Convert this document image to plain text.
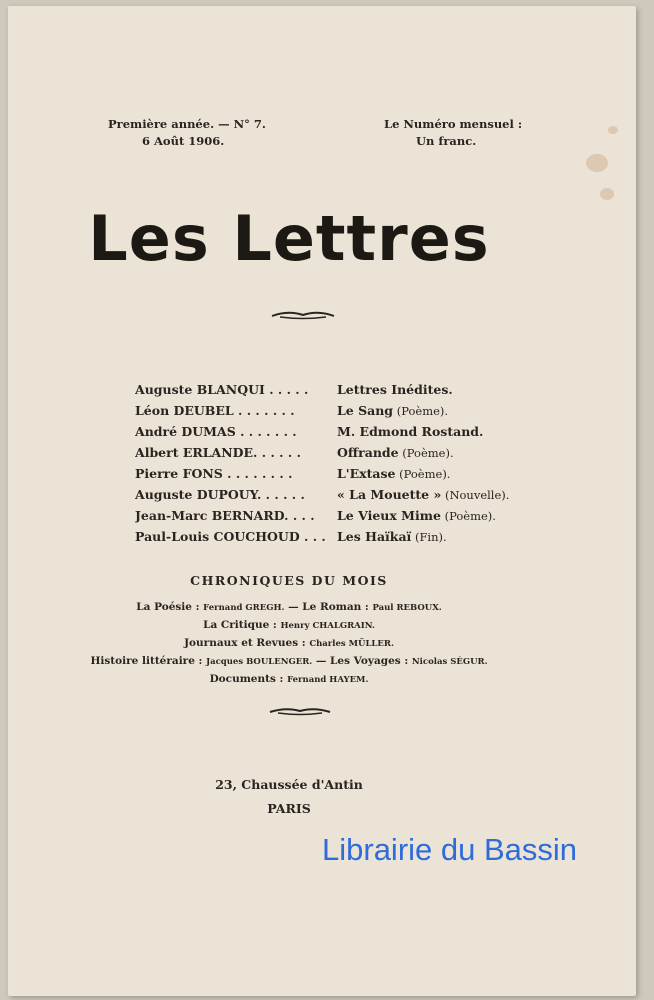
Première année. — N° 7.
6 Août 1906.
Le Numéro mensuel :
Un franc.
Les Lettres
Auguste BLANQUI . . . . .	Lettres Inédites.
Léon DEUBEL . . . . . . .	Le Sang (Poème).
André DUMAS . . . . . . .	M. Edmond Rostand.
Albert ERLANDE. . . . . .	Offrande (Poème).
Pierre FONS . . . . . . . .	L'Extase (Poème).
Auguste DUPOUY. . . . . .	« La Mouette » (Nouvelle).
Jean-Marc BERNARD. . . .	Le Vieux Mime (Poème).
Paul-Louis COUCHOUD . . . Les Haïkaï (Fin).
CHRONIQUES DU MOIS
La Poésie : Fernand GREGH. — Le Roman : Paul REBOUX.
La Critique : Henry CHALGRAIN.
Journaux et Revues : Charles MÜLLER.
Histoire littéraire : Jacques BOULENGER. — Les Voyages : Nicolas SÉGUR.
Documents : Fernand HAYEM.
23, Chaussée d'Antin
PARIS
Librairie du Bassin
